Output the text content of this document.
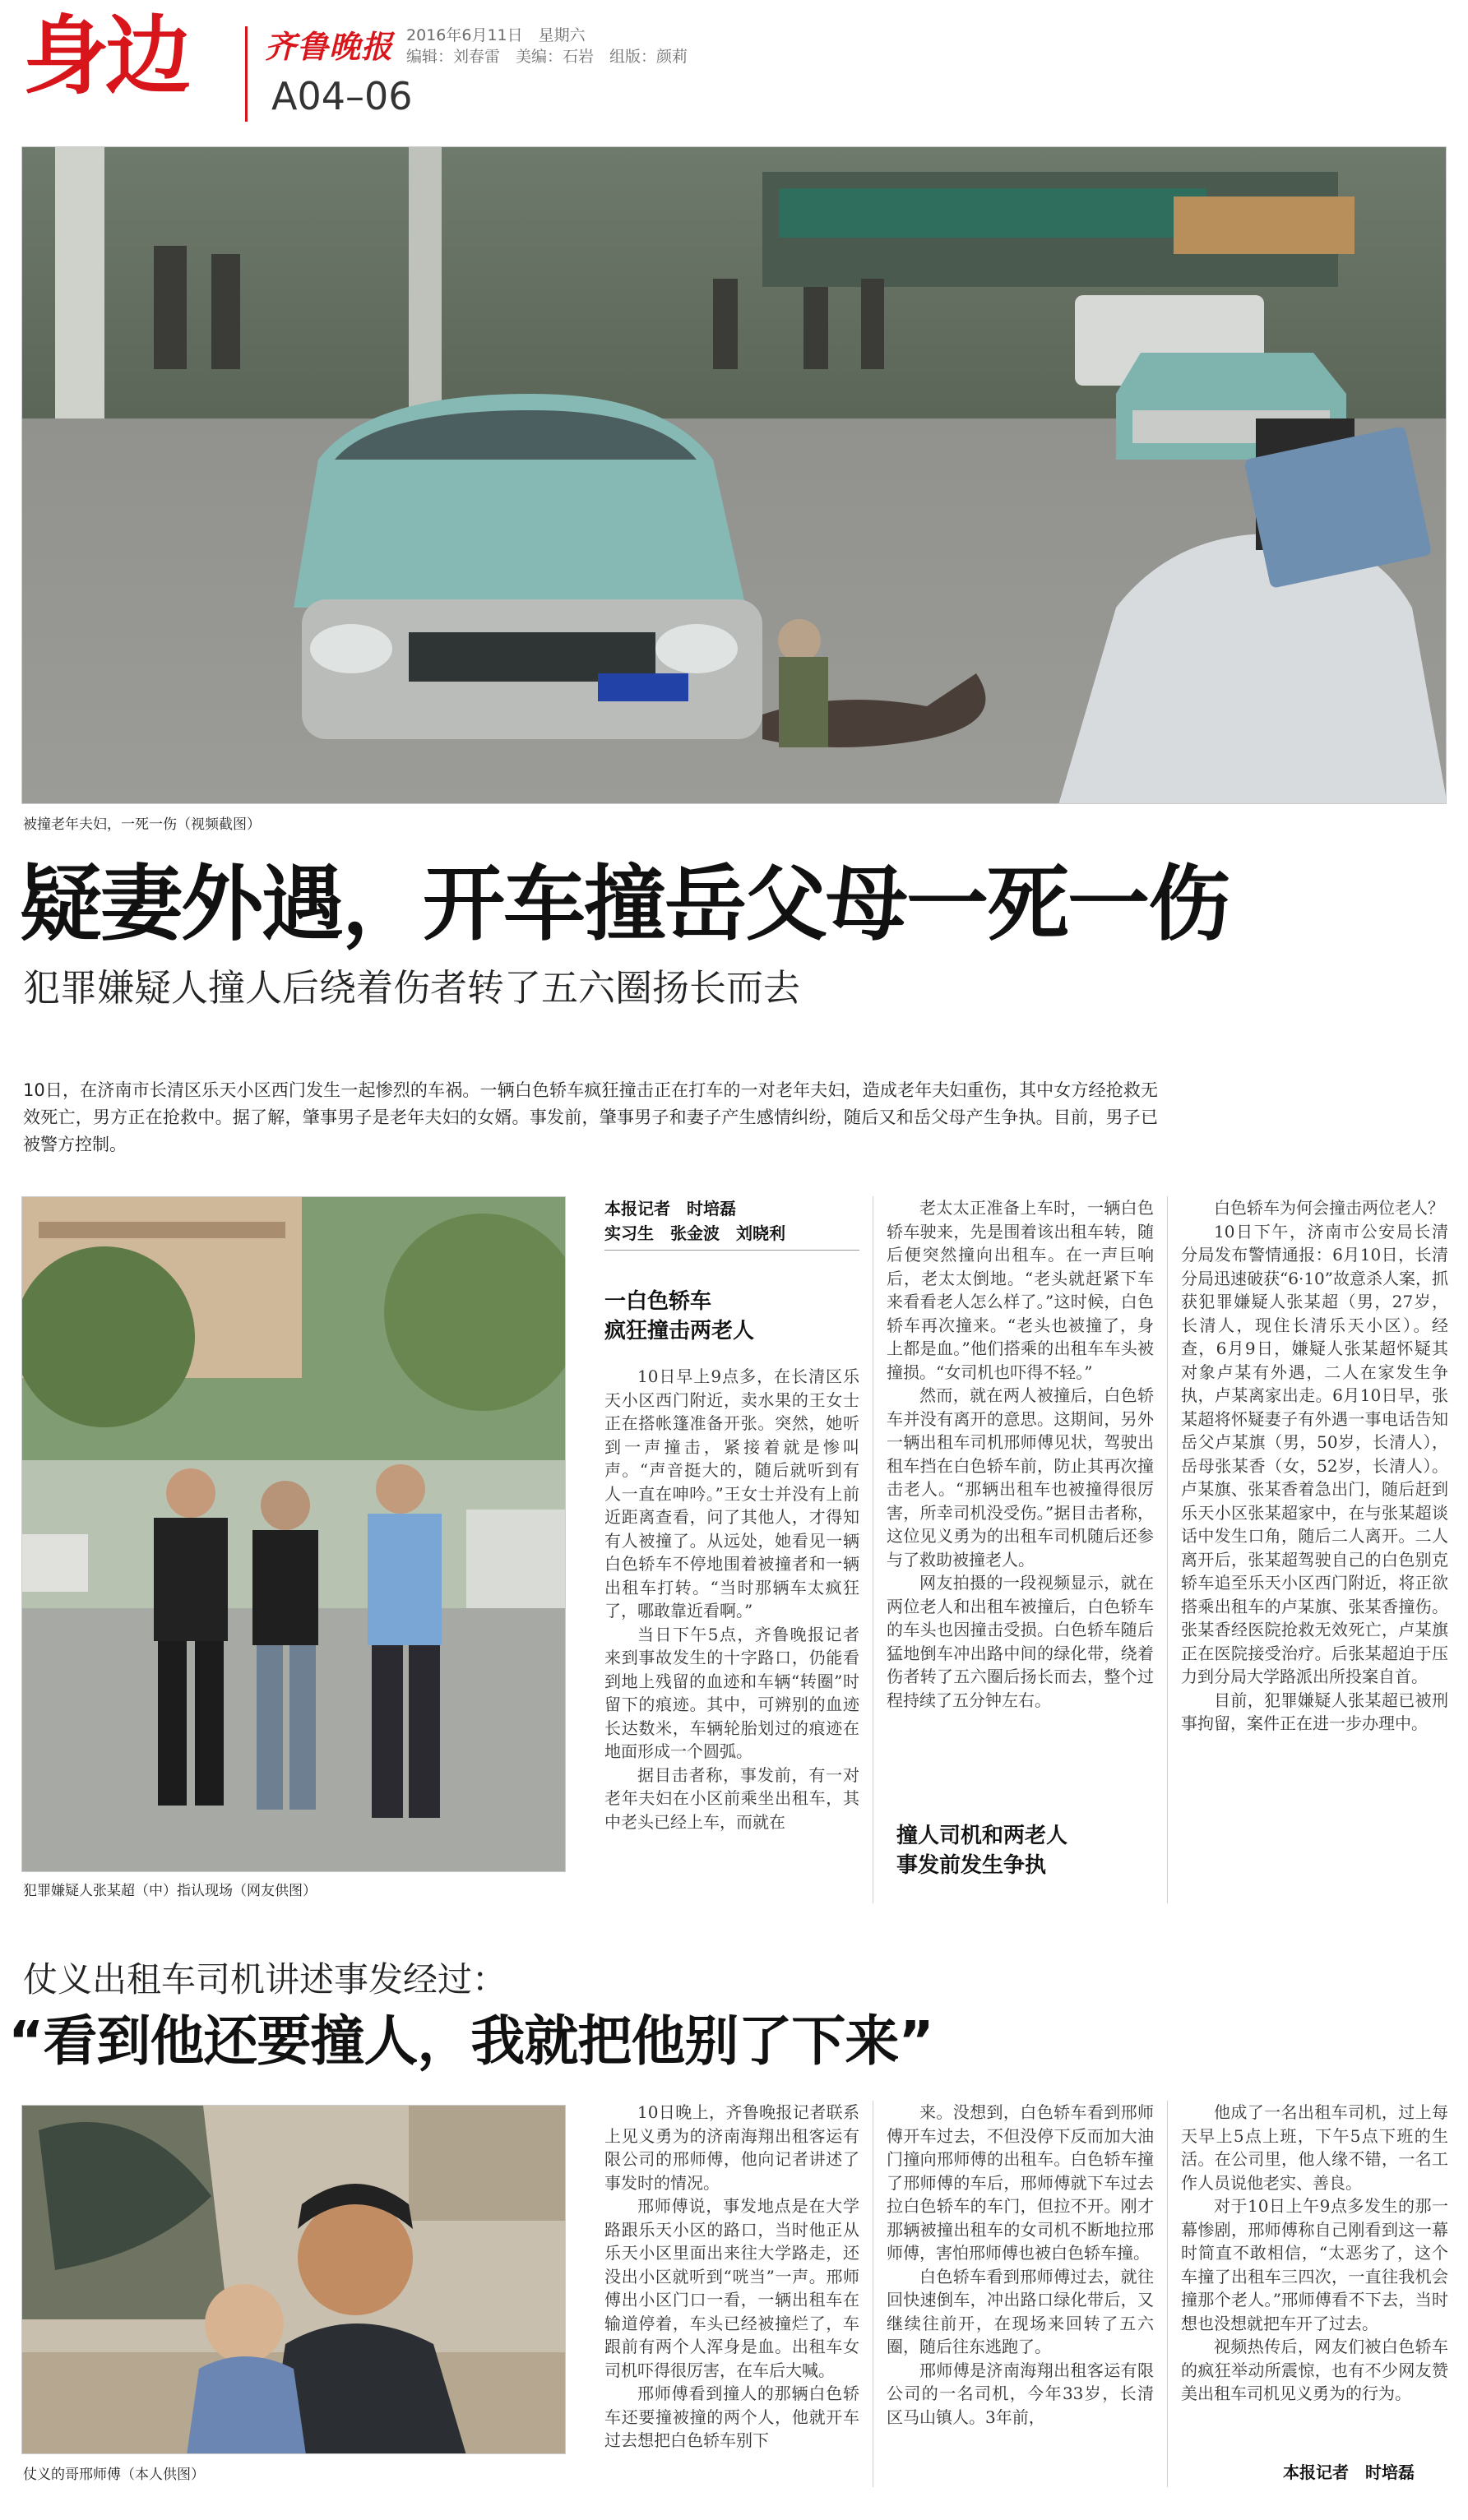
身边 齐鲁晚报 2016年6月11日　星期六
编辑：刘春雷　美编：石岩　组版：颜莉
A04–06
被撞老年夫妇，一死一伤（视频截图）
疑妻外遇，开车撞岳父母一死一伤
犯罪嫌疑人撞人后绕着伤者转了五六圈扬长而去
10日，在济南市长清区乐天小区西门发生一起惨烈的车祸。一辆白色轿车疯狂撞击正在打车的一对老年夫妇，造成老年夫妇重伤，其中女方经抢救无效死亡，男方正在抢救中。据了解，肇事男子是老年夫妇的女婿。事发前，肇事男子和妻子产生感情纠纷，随后又和岳父母产生争执。目前，男子已被警方控制。
犯罪嫌疑人张某超（中）指认现场（网友供图）
本报记者　时培磊
实习生　张金波　刘晓利
一白色轿车
疯狂撞击两老人

10日早上9点多，在长清区乐天小区西门附近，卖水果的王女士正在搭帐篷准备开张。突然，她听到一声撞击，紧接着就是惨叫声。“声音挺大的，随后就听到有人一直在呻吟。”王女士并没有上前近距离查看，问了其他人，才得知有人被撞了。从远处，她看见一辆白色轿车不停地围着被撞者和一辆出租车打转。“当时那辆车太疯狂了，哪敢靠近看啊。”

当日下午5点，齐鲁晚报记者来到事故发生的十字路口，仍能看到地上残留的血迹和车辆“转圈”时留下的痕迹。其中，可辨别的血迹长达数米，车辆轮胎划过的痕迹在地面形成一个圆弧。

据目击者称，事发前，有一对老年夫妇在小区前乘坐出租车，其中老头已经上车，而就在

老太太正准备上车时，一辆白色轿车驶来，先是围着该出租车转，随后便突然撞向出租车。在一声巨响后，老太太倒地。“老头就赶紧下车来看看老人怎么样了。”这时候，白色轿车再次撞来。“老头也被撞了，身上都是血。”他们搭乘的出租车车头被撞损。“女司机也吓得不轻。”

然而，就在两人被撞后，白色轿车并没有离开的意思。这期间，另外一辆出租车司机邢师傅见状，驾驶出租车挡在白色轿车前，防止其再次撞击老人。“那辆出租车也被撞得很厉害，所幸司机没受伤。”据目击者称，这位见义勇为的出租车司机随后还参与了救助被撞老人。

网友拍摄的一段视频显示，就在两位老人和出租车被撞后，白色轿车的车头也因撞击受损。白色轿车随后猛地倒车冲出路中间的绿化带，绕着伤者转了五六圈后扬长而去，整个过程持续了五分钟左右。

撞人司机和两老人
事发前发生争执

白色轿车为何会撞击两位老人？

10日下午，济南市公安局长清分局发布警情通报：6月10日，长清分局迅速破获“6·10”故意杀人案，抓获犯罪嫌疑人张某超（男，27岁，长清人，现住长清乐天小区）。经查，6月9日，嫌疑人张某超怀疑其对象卢某有外遇，二人在家发生争执，卢某离家出走。6月10日早，张某超将怀疑妻子有外遇一事电话告知岳父卢某旗（男，50岁，长清人），岳母张某香（女，52岁，长清人）。卢某旗、张某香着急出门，随后赶到乐天小区张某超家中，在与张某超谈话中发生口角，随后二人离开。二人离开后，张某超驾驶自己的白色别克轿车追至乐天小区西门附近，将正欲搭乘出租车的卢某旗、张某香撞伤。张某香经医院抢救无效死亡，卢某旗正在医院接受治疗。后张某超迫于压力到分局大学路派出所投案自首。

目前，犯罪嫌疑人张某超已被刑事拘留，案件正在进一步办理中。

仗义出租车司机讲述事发经过：
“看到他还要撞人，我就把他别了下来”
仗义的哥邢师傅（本人供图）

10日晚上，齐鲁晚报记者联系上见义勇为的济南海翔出租客运有限公司的邢师傅，他向记者讲述了事发时的情况。

邢师傅说，事发地点是在大学路跟乐天小区的路口，当时他正从乐天小区里面出来往大学路走，还没出小区就听到“咣当”一声。邢师傅出小区门口一看，一辆出租车在输道停着，车头已经被撞烂了，车跟前有两个人浑身是血。出租车女司机吓得很厉害，在车后大喊。

邢师傅看到撞人的那辆白色轿车还要撞被撞的两个人，他就开车过去想把白色轿车别下

来。没想到，白色轿车看到邢师傅开车过去，不但没停下反而加大油门撞向邢师傅的出租车。白色轿车撞了邢师傅的车后，邢师傅就下车过去拉白色轿车的车门，但拉不开。刚才那辆被撞出租车的女司机不断地拉邢师傅，害怕邢师傅也被白色轿车撞。

白色轿车看到邢师傅过去，就往回快速倒车，冲出路口绿化带后，又继续往前开，在现场来回转了五六圈，随后往东逃跑了。

邢师傅是济南海翔出租客运有限公司的一名司机，今年33岁，长清区马山镇人。3年前，

他成了一名出租车司机，过上每天早上5点上班，下午5点下班的生活。在公司里，他人缘不错，一名工作人员说他老实、善良。

对于10日上午9点多发生的那一幕惨剧，邢师傅称自己刚看到这一幕时简直不敢相信，“太恶劣了，这个车撞了出租车三四次，一直往我机会撞那个老人。”邢师傅看不下去，当时想也没想就把车开了过去。

视频热传后，网友们被白色轿车的疯狂举动所震惊，也有不少网友赞美出租车司机见义勇为的行为。

本报记者　时培磊
